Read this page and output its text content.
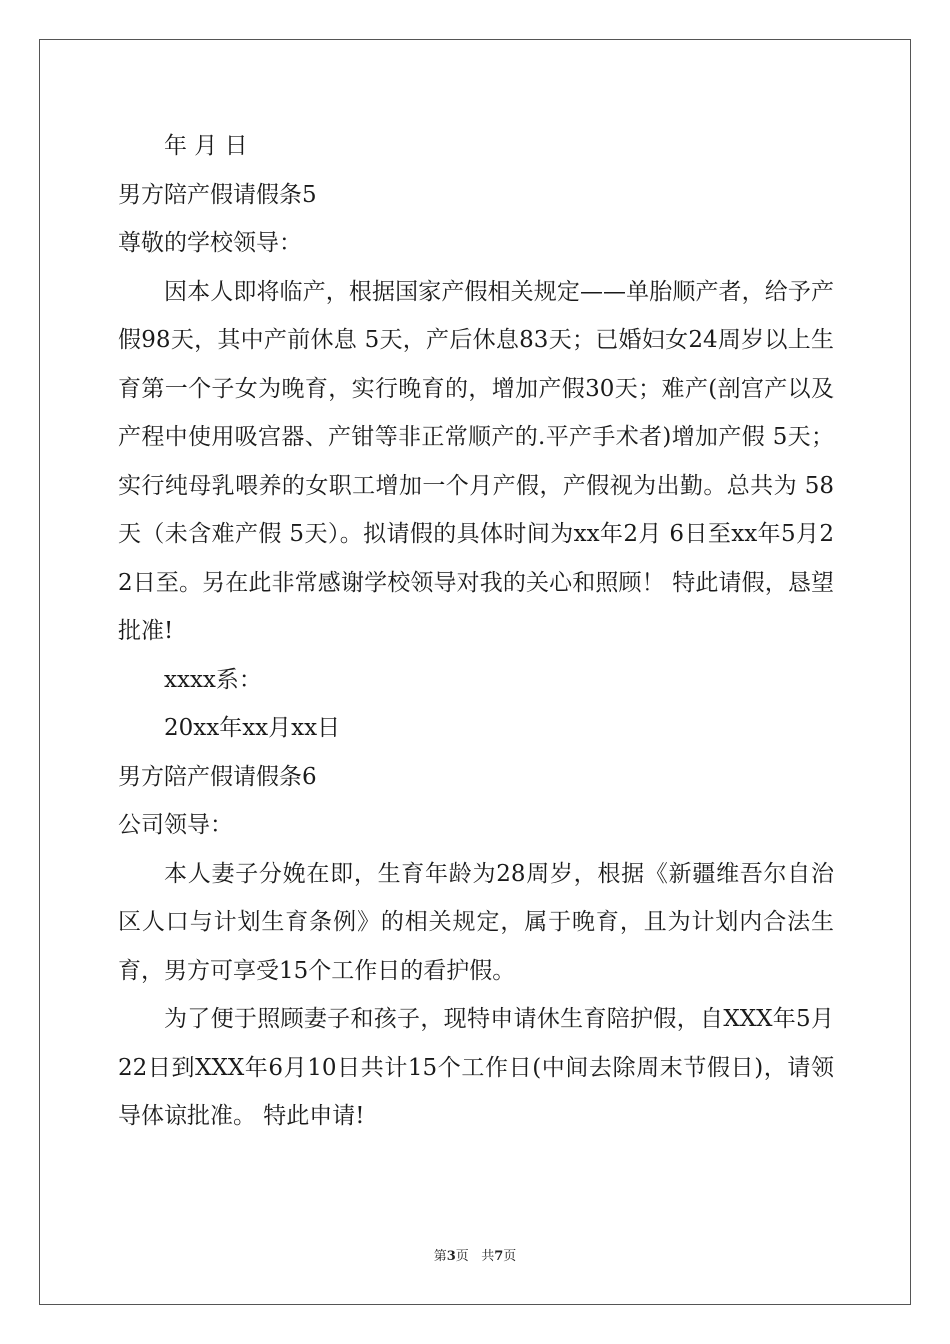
年 月 日

男方陪产假请假条5

尊敬的学校领导：

因本人即将临产，根据国家产假相关规定——单胎顺产者，给予产假98天，其中产前休息 5天，产后休息83天；已婚妇女24周岁以上生育第一个子女为晚育，实行晚育的，增加产假30天；难产(剖宫产以及产程中使用吸宫器、产钳等非正常顺产的.平产手术者)增加产假 5天；实行纯母乳喂养的女职工增加一个月产假，产假视为出勤。总共为 58天（未含难产假 5天）。拟请假的具体时间为xx年2月 6日至xx年5月22日至。另在此非常感谢学校领导对我的关心和照顾！ 特此请假，恳望批准!

xxxx系：

20xx年xx月xx日

男方陪产假请假条6

公司领导：

本人妻子分娩在即，生育年龄为28周岁，根据《新疆维吾尔自治区人口与计划生育条例》的相关规定，属于晚育，且为计划内合法生育，男方可享受15个工作日的看护假。

为了便于照顾妻子和孩子，现特申请休生育陪护假，自XXX年5月22日到XXX年6月10日共计15个工作日(中间去除周末节假日)，请领导体谅批准。 特此申请!

第3页 共7页
